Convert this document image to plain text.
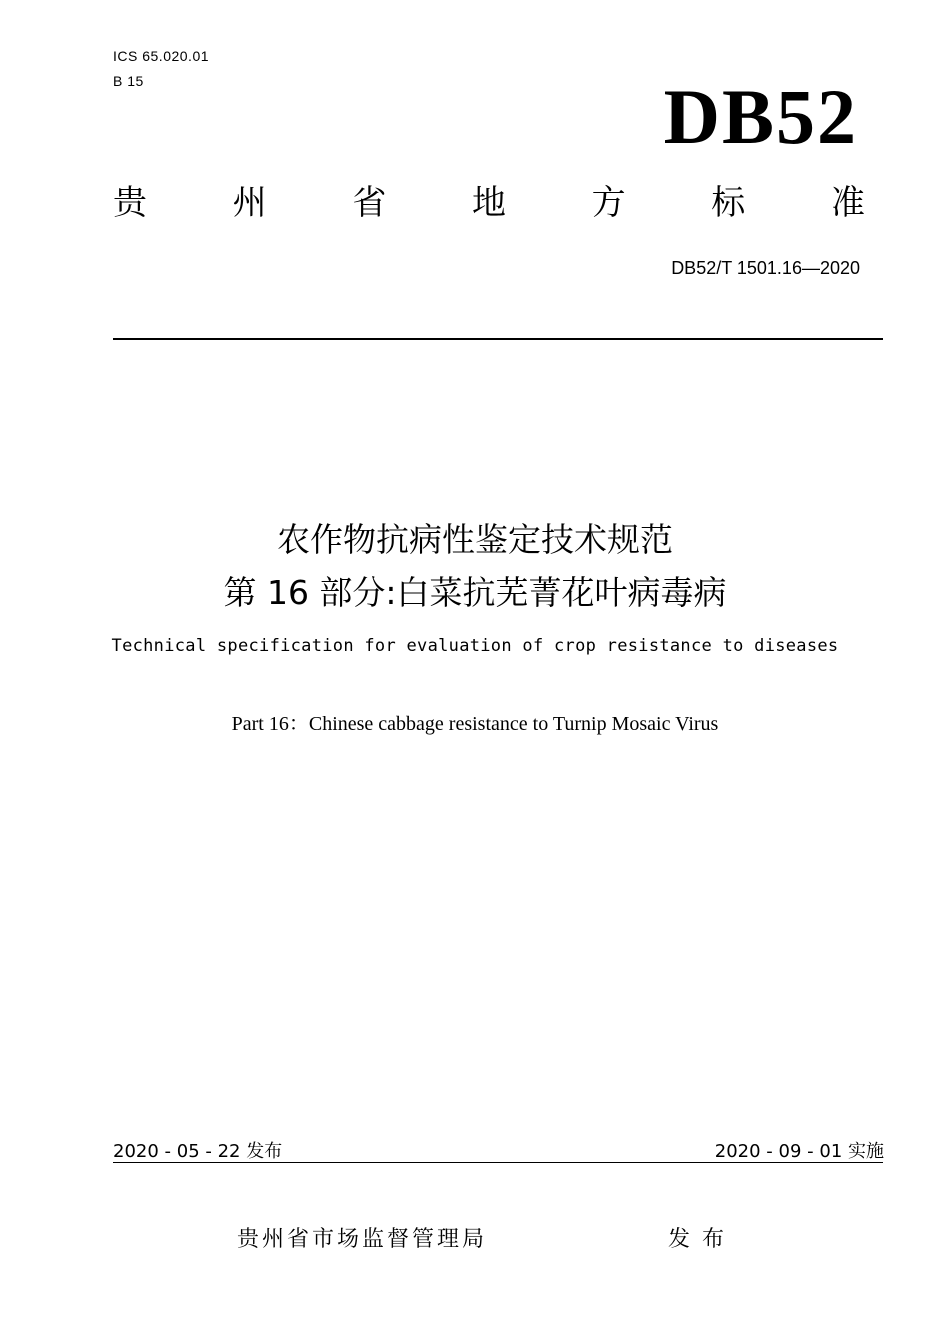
ICS 65.020.01
B 15	DB52
贵	州	省	地	方	标	准
DB52/T 1501.16—2020
农作物抗病性鉴定技术规范
第 16 部分:白菜抗芜菁花叶病毒病
Technical specification for evaluation of crop resistance to diseases
Part 16：Chinese cabbage resistance to Turnip Mosaic Virus
2020 - 05 - 22 发布	2020 - 09 - 01 实施
贵州省市场监督管理局	发布
